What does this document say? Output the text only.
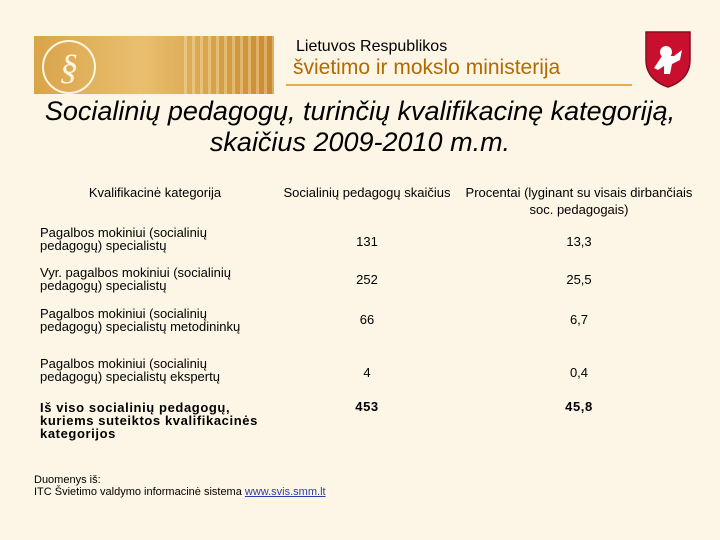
§
Lietuvos Respublikos
švietimo ir mokslo ministerija
Socialinių pedagogų, turinčių kvalifikacinę kategoriją, skaičius 2009-2010 m.m.
Kvalifikacinė kategorija	Socialinių pedagogų skaičius	Procentai (lyginant su visais dirbančiais soc. pedagogais)
Pagalbos mokiniui (socialinių pedagogų) specialistų	131	13,3
Vyr. pagalbos mokiniui (socialinių pedagogų) specialistų	252	25,5
Pagalbos mokiniui (socialinių pedagogų) specialistų metodininkų	66	6,7
Pagalbos mokiniui (socialinių pedagogų) specialistų ekspertų	4	0,4
Iš viso socialinių pedagogų, kuriems suteiktos kvalifikacinės kategorijos	453	45,8
Duomenys iš:
ITC Švietimo valdymo informacinė sistema www.svis.smm.lt
